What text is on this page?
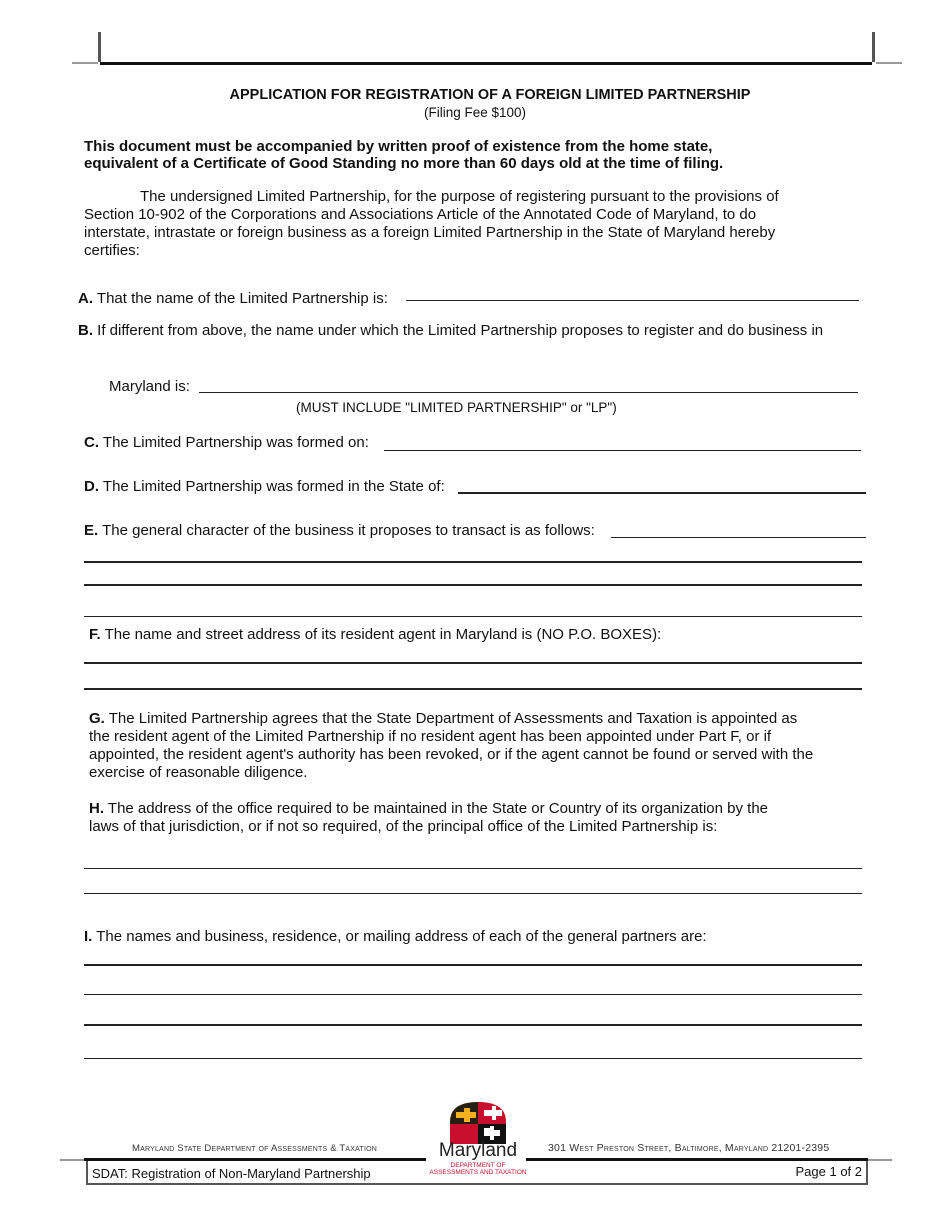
APPLICATION FOR REGISTRATION OF A FOREIGN LIMITED PARTNERSHIP
(Filing Fee $100)
This document must be accompanied by written proof of existence from the home state,
equivalent of a Certificate of Good Standing no more than 60 days old at the time of filing.
The undersigned Limited Partnership, for the purpose of registering pursuant to the provisions of
Section 10-902 of the Corporations and Associations Article of the Annotated Code of Maryland, to do
interstate, intrastate or foreign business as a foreign Limited Partnership in the State of Maryland hereby
certifies:
A. That the name of the Limited Partnership is:
B. If different from above, the name under which the Limited Partnership proposes to register and do business in
Maryland is:
(MUST INCLUDE "LIMITED PARTNERSHIP" or "LP")
C. The Limited Partnership was formed on:
D. The Limited Partnership was formed in the State of:
E. The general character of the business it proposes to transact is as follows:
F. The name and street address of its resident agent in Maryland is (NO P.O. BOXES):
G. The Limited Partnership agrees that the State Department of Assessments and Taxation is appointed as
the resident agent of the Limited Partnership if no resident agent has been appointed under Part F, or if
appointed, the resident agent's authority has been revoked, or if the agent cannot be found or served with the
exercise of reasonable diligence.
H. The address of the office required to be maintained in the State or Country of its organization by the
laws of that jurisdiction, or if not so required, of the principal office of the Limited Partnership is:
I. The names and business, residence, or mailing address of each of the general partners are:
Maryland State Department of Assessments & Taxation	301 West Preston Street, Baltimore, Maryland 21201-2395
Maryland
DEPARTMENT OF
ASSESSMENTS AND TAXATION
SDAT: Registration of Non-Maryland Partnership	Page 1 of 2
